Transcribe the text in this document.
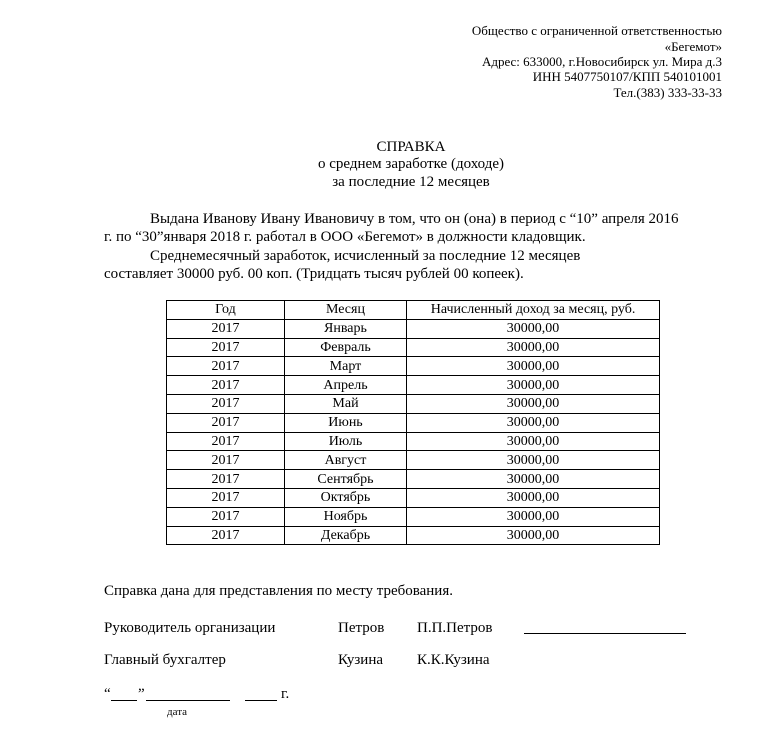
Общество с ограниченной ответственностью
«Бегемот»
Адрес: 633000, г.Новосибирск ул. Мира д.3
ИНН 5407750107/КПП 540101001
Тел.(383) 333-33-33
СПРАВКА
о среднем заработке (доходе)
за последние 12 месяцев
Выдана Иванову Ивану Ивановичу в том, что он (она) в период с “10” апреля 2016
г. по “30”января 2018 г. работал в ООО «Бегемот» в должности кладовщик.
Среднемесячный заработок, исчисленный за последние 12 месяцев
составляет 30000 руб. 00 коп. (Тридцать тысяч рублей 00 копеек).
Год	Месяц	Начисленный доход за месяц, руб.
2017	Январь	30000,00
2017	Февраль	30000,00
2017	Март	30000,00
2017	Апрель	30000,00
2017	Май	30000,00
2017	Июнь	30000,00
2017	Июль	30000,00
2017	Август	30000,00
2017	Сентябрь	30000,00
2017	Октябрь	30000,00
2017	Ноябрь	30000,00
2017	Декабрь	30000,00
Справка дана для представления по месту требования.
Руководитель организации	Петров П.П.Петров
Главный бухгалтер	Кузина К.К.Кузина
“ ”	г.
дата
